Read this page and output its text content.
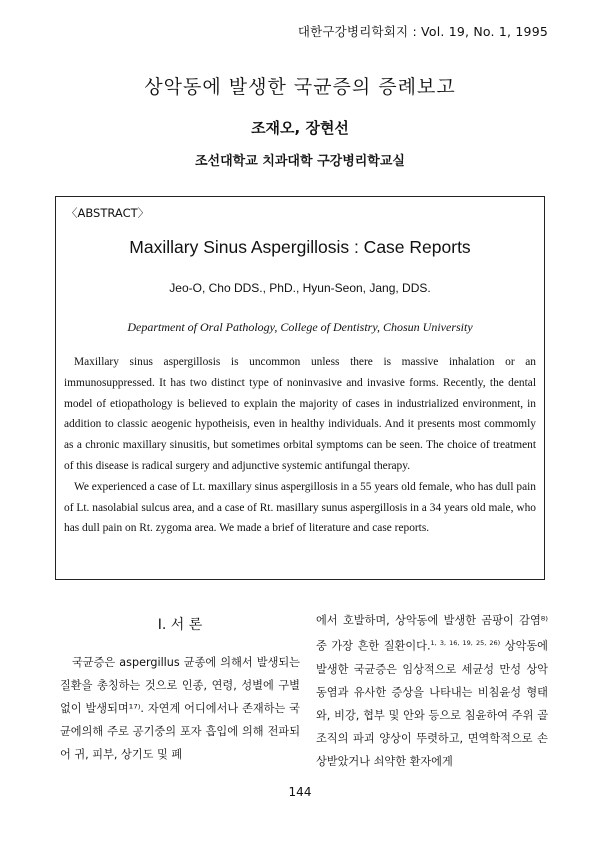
대한구강병리학회지 : Vol. 19, No. 1, 1995
상악동에 발생한 국균증의 증례보고
조재오, 장현선
조선대학교 치과대학 구강병리학교실
〈ABSTRACT〉
Maxillary Sinus Aspergillosis : Case Reports
Jeo-O, Cho DDS., PhD., Hyun-Seon, Jang, DDS.
Department of Oral Pathology, College of Dentistry, Chosun University

Maxillary sinus aspergillosis is uncommon unless there is massive inhalation or an immunosuppressed. It has two distinct type of noninvasive and invasive forms. Recently, the dental model of etiopathology is believed to explain the majority of cases in industrialized environment, in addition to classic aeogenic hypotheisis, even in healthy individuals. And it presents most commomly as a chronic maxillary sinusitis, but sometimes orbital symptoms can be seen. The choice of treatment of this disease is radical surgery and adjunctive systemic antifungal therapy.

We experienced a case of Lt. maxillary sinus aspergillosis in a 55 years old female, who has dull pain of Lt. nasolabial sulcus area, and a case of Rt. masillary sunus aspergillosis in a 34 years old male, who has dull pain on Rt. zygoma area. We made a brief of literature and case reports.

I. 서 론

국균증은 aspergillus 균종에 의해서 발생되는 질환을 총칭하는 것으로 인종, 연령, 성별에 구별없이 발생되며¹⁷⁾. 자연계 어디에서나 존재하는 국균에의해 주로 공기중의 포자 흡입에 의해 전파되어 귀, 피부, 상기도 및 폐

에서 호발하며, 상악동에 발생한 곰팡이 감염⁸⁾중 가장 흔한 질환이다.$^{1, 3, 16, 19, 25, 26)}$ 상악동에 발생한 국균증은 임상적으로 세균성 만성 상악동염과 유사한 증상을 나타내는 비침윤성 형태와, 비강, 협부 및 안와 등으로 침윤하여 주위 골조직의 파괴 양상이 뚜렷하고, 면역학적으로 손상받았거나 쇠약한 환자에게

144
